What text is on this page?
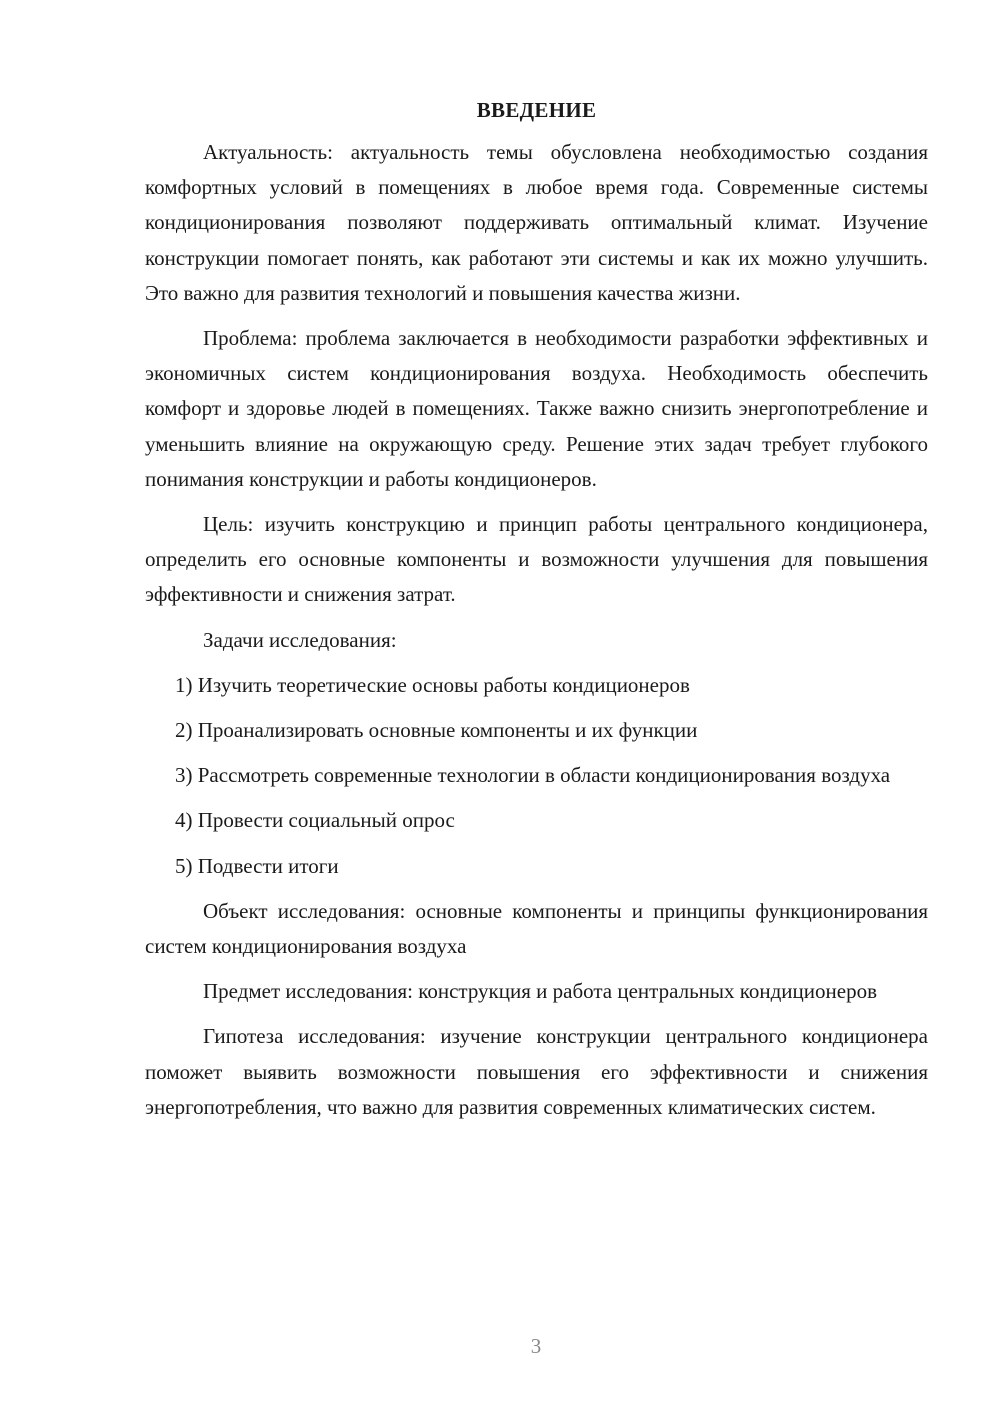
ВВЕДЕНИЕ

Актуальность: актуальность темы обусловлена необходимостью создания комфортных условий в помещениях в любое время года. Современные системы кондиционирования позволяют поддерживать оптимальный климат. Изучение конструкции помогает понять, как работают эти системы и как их можно улучшить. Это важно для развития технологий и повышения качества жизни.

Проблема: проблема заключается в необходимости разработки эффективных и экономичных систем кондиционирования воздуха. Необходимость обеспечить комфорт и здоровье людей в помещениях. Также важно снизить энергопотребление и уменьшить влияние на окружающую среду. Решение этих задач требует глубокого понимания конструкции и работы кондиционеров.

Цель: изучить конструкцию и принцип работы центрального кондиционера, определить его основные компоненты и возможности улучшения для повышения эффективности и снижения затрат.

Задачи исследования:

1) Изучить теоретические основы работы кондиционеров

2) Проанализировать основные компоненты и их функции

3) Рассмотреть современные технологии в области кондиционирования воздуха

4) Провести социальный опрос

5) Подвести итоги

Объект исследования: основные компоненты и принципы функционирования систем кондиционирования воздуха

Предмет исследования: конструкция и работа центральных кондиционеров

Гипотеза исследования: изучение конструкции центрального кондиционера поможет выявить возможности повышения его эффективности и снижения энергопотребления, что важно для развития современных климатических систем.

3
